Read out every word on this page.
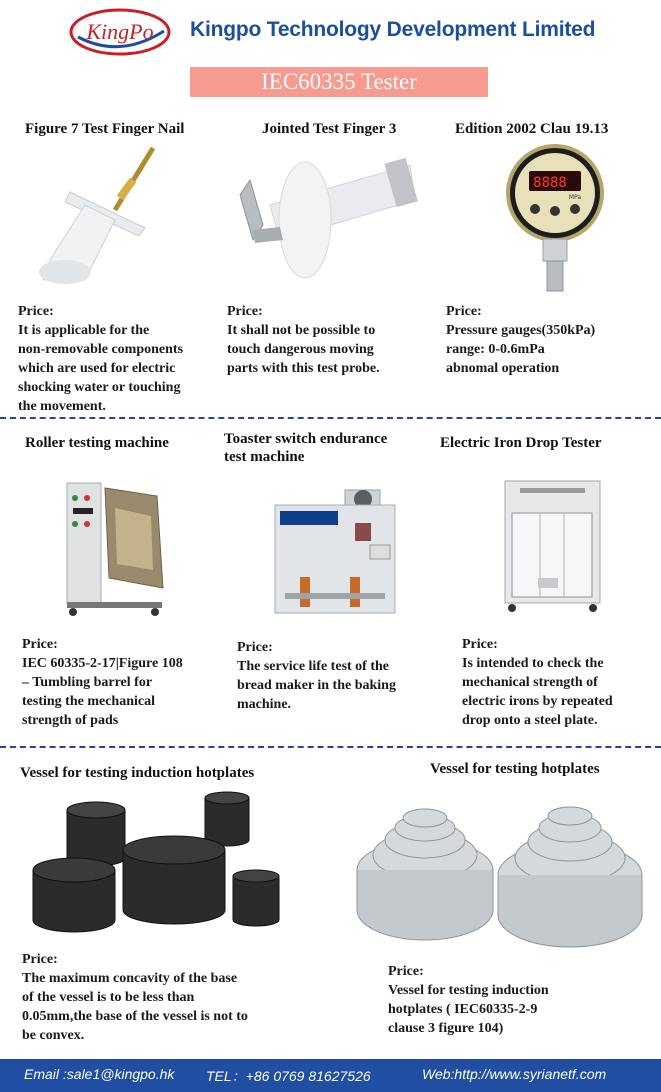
KingPo Kingpo Technology Development Limited
IEC60335 Tester
Figure 7 Test Finger Nail	Jointed Test Finger 3	Edition 2002 Clau 19.13
8888
MPa
Price:
It is applicable for the
non-removable components
which are used for electric
shocking water or touching
the movement.
Price:
It shall not be possible to
touch dangerous moving
parts with this test probe.
Price:
Pressure gauges(350kPa)
range: 0-0.6mPa
abnomal operation
Roller testing machine	Toaster switch endurance
test machine
Electric Iron Drop Tester
Price:
IEC 60335-2-17|Figure 108
– Tumbling barrel for
testing the mechanical
strength of pads
Price:
The service life test of the
bread maker in the baking
machine.
Price:
Is intended to check the
mechanical strength of
electric irons by repeated
drop onto a steel plate.
Vessel for testing induction hotplates	Vessel for testing hotplates
Price:
The maximum concavity of the base
of the vessel is to be less than
0.05mm,the base of the vessel is not to
be convex.
Price:
Vessel for testing induction
hotplates ( IEC60335-2-9
clause 3 figure 104)
Email :sale1@kingpo.hk TEL：+86 0769 81627526	Web:http://www.syrianetf.com
